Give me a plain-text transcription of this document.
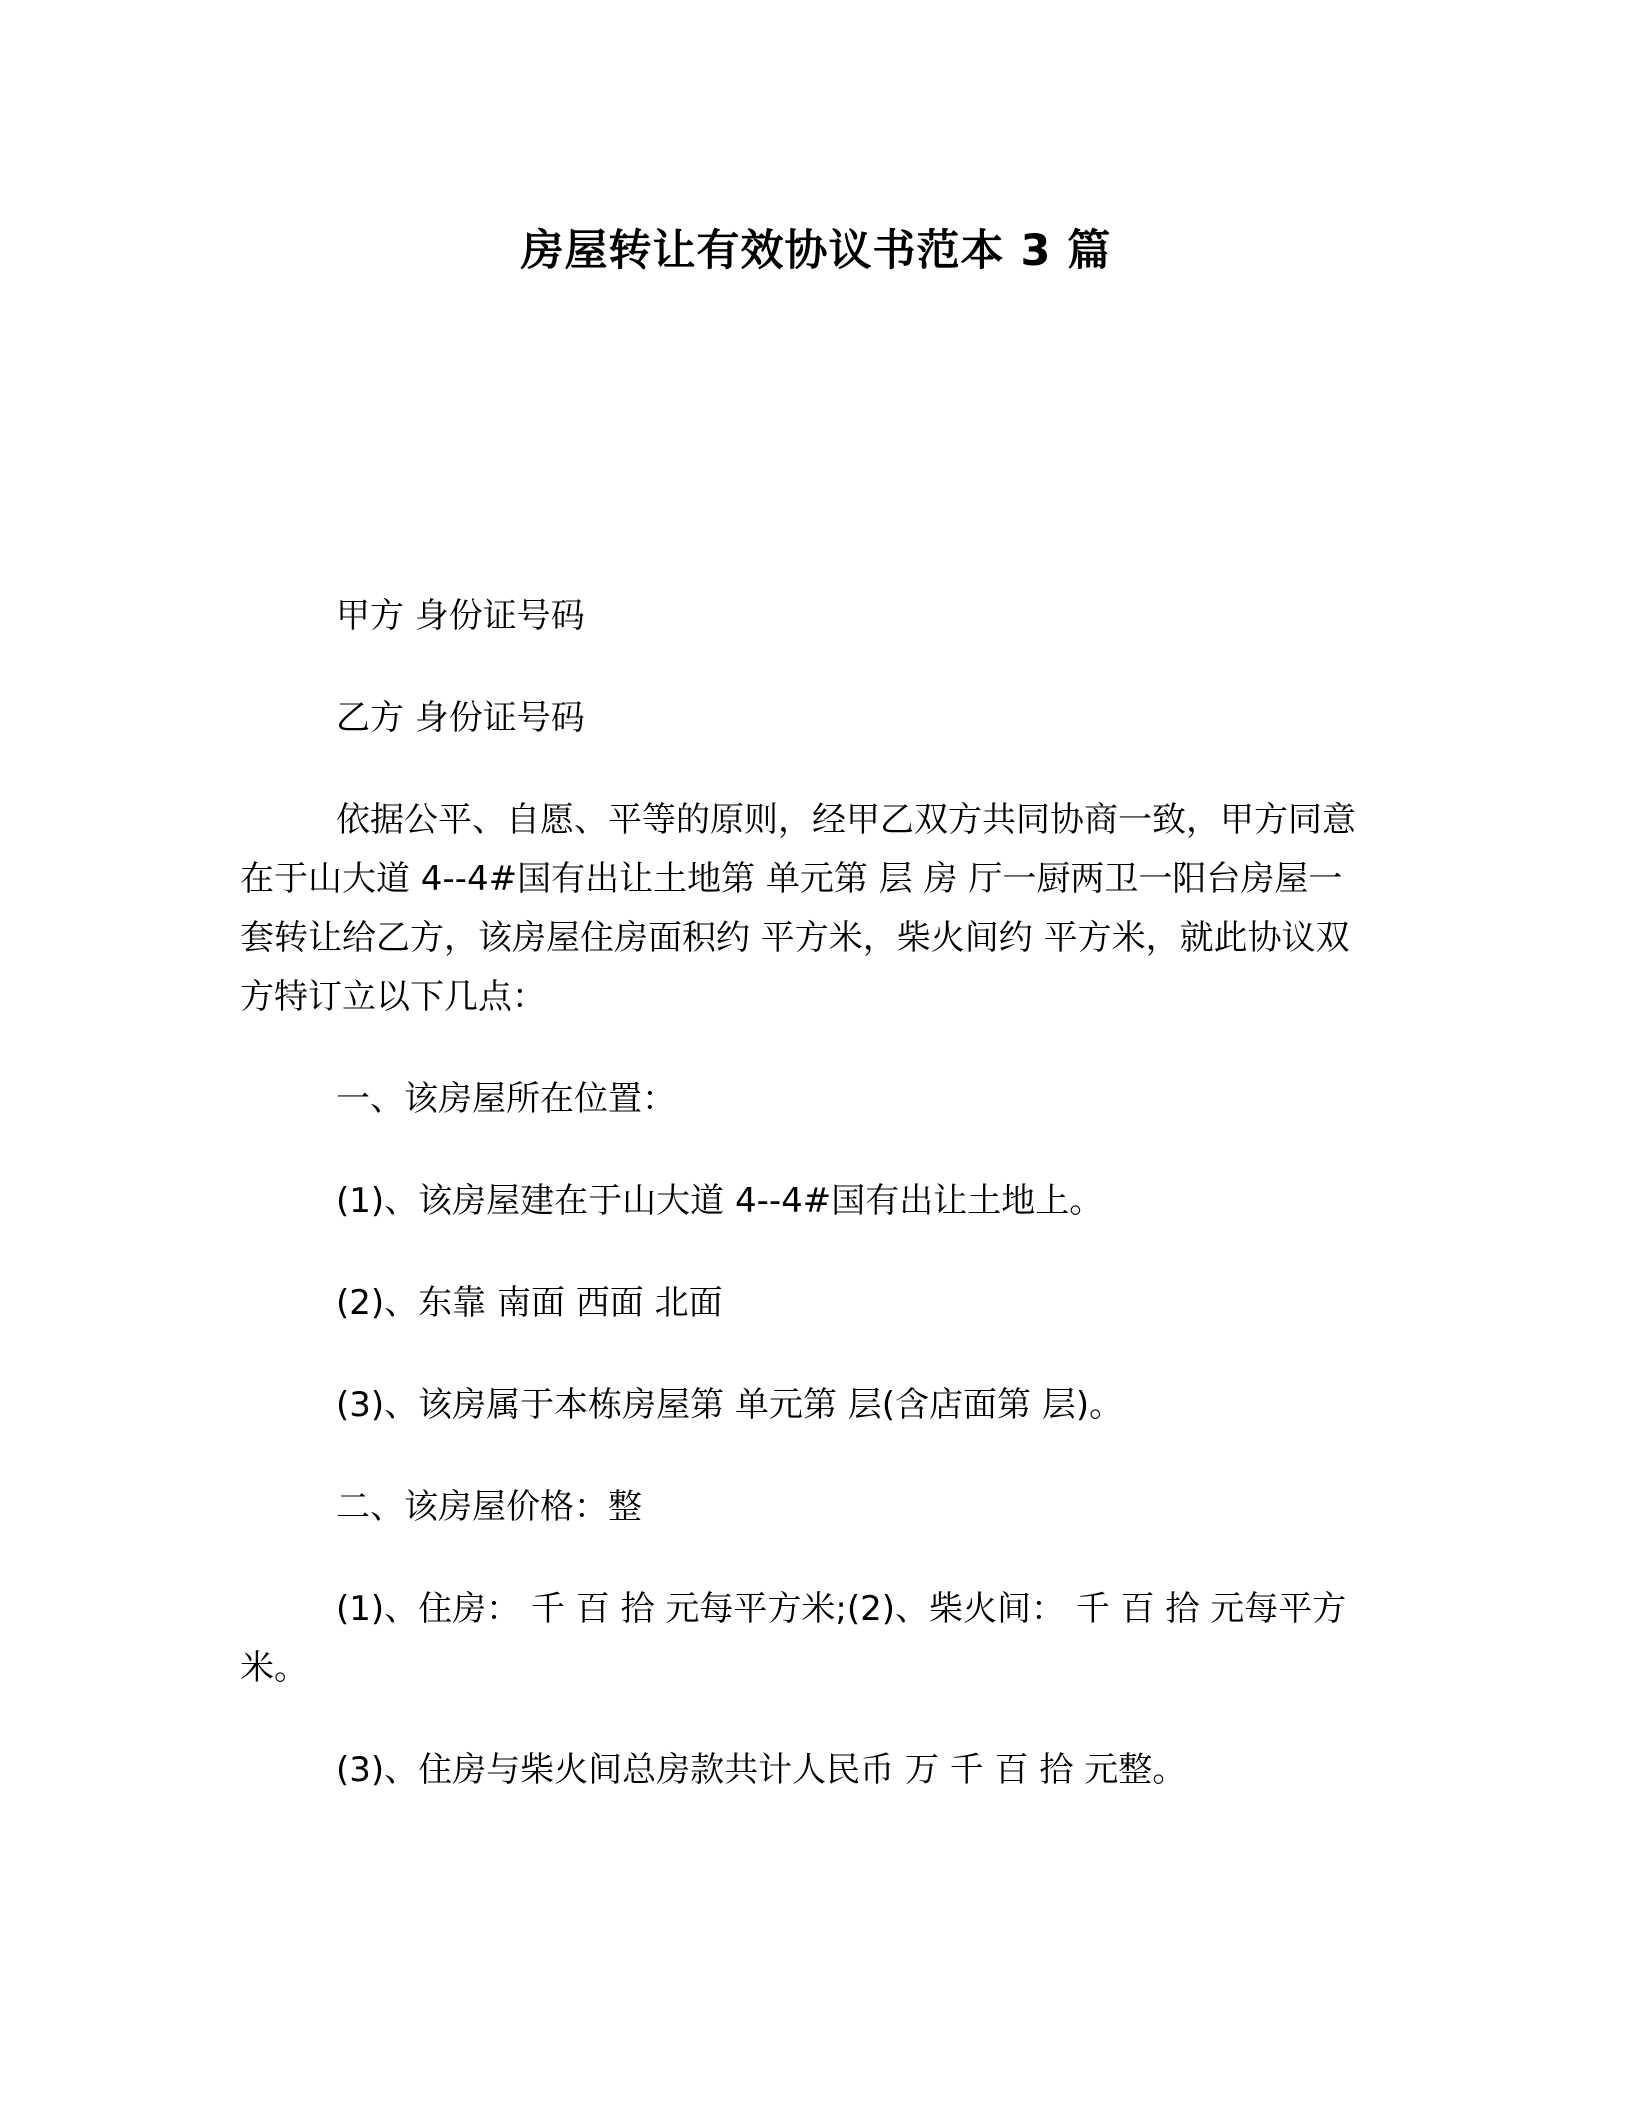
房屋转让有效协议书范本 3 篇

甲方 身份证号码

乙方 身份证号码

依据公平、自愿、平等的原则，经甲乙双方共同协商一致，甲方同意在于山大道 4--4#国有出让土地第 单元第 层 房 厅一厨两卫一阳台房屋一套转让给乙方，该房屋住房面积约 平方米，柴火间约 平方米，就此协议双方特订立以下几点：

一、该房屋所在位置：

(1)、该房屋建在于山大道 4--4#国有出让土地上。

(2)、东靠 南面 西面 北面

(3)、该房属于本栋房屋第 单元第 层(含店面第 层)。

二、该房屋价格：整

(1)、住房： 千 百 拾 元每平方米;(2)、柴火间： 千 百 拾 元每平方米。

(3)、住房与柴火间总房款共计人民币 万 千 百 拾 元整。
